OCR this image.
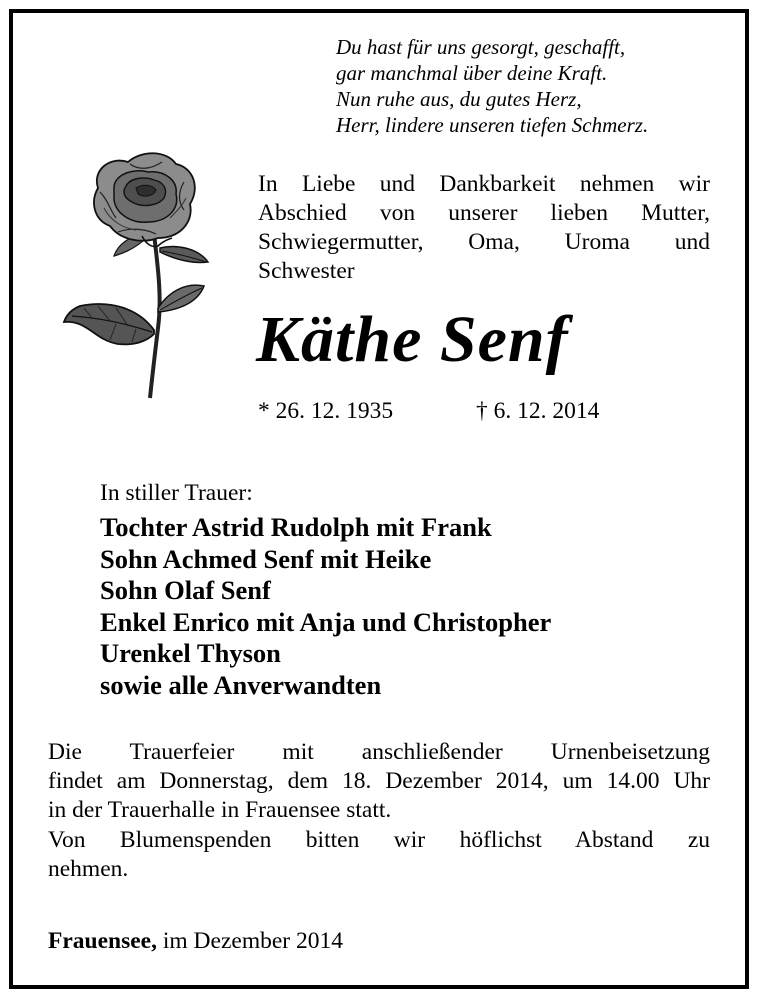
Du hast für uns gesorgt, geschafft,
gar manchmal über deine Kraft.
Nun ruhe aus, du gutes Herz,
Herr, lindere unseren tiefen Schmerz.
In Liebe und Dankbarkeit nehmen wir
Abschied von unserer lieben Mutter,
Schwiegermutter, Oma, Uroma und
Schwester
Käthe Senf
* 26. 12. 1935	† 6. 12. 2014
In stiller Trauer:
Tochter Astrid Rudolph mit Frank
Sohn Achmed Senf mit Heike
Sohn Olaf Senf
Enkel Enrico mit Anja und Christopher
Urenkel Thyson
sowie alle Anverwandten
Die Trauerfeier mit anschließender Urnenbeisetzung
findet am Donnerstag, dem 18. Dezember 2014, um 14.00 Uhr
in der Trauerhalle in Frauensee statt.
Von Blumenspenden bitten wir höflichst Abstand zu
nehmen.
Frauensee, im Dezember 2014
